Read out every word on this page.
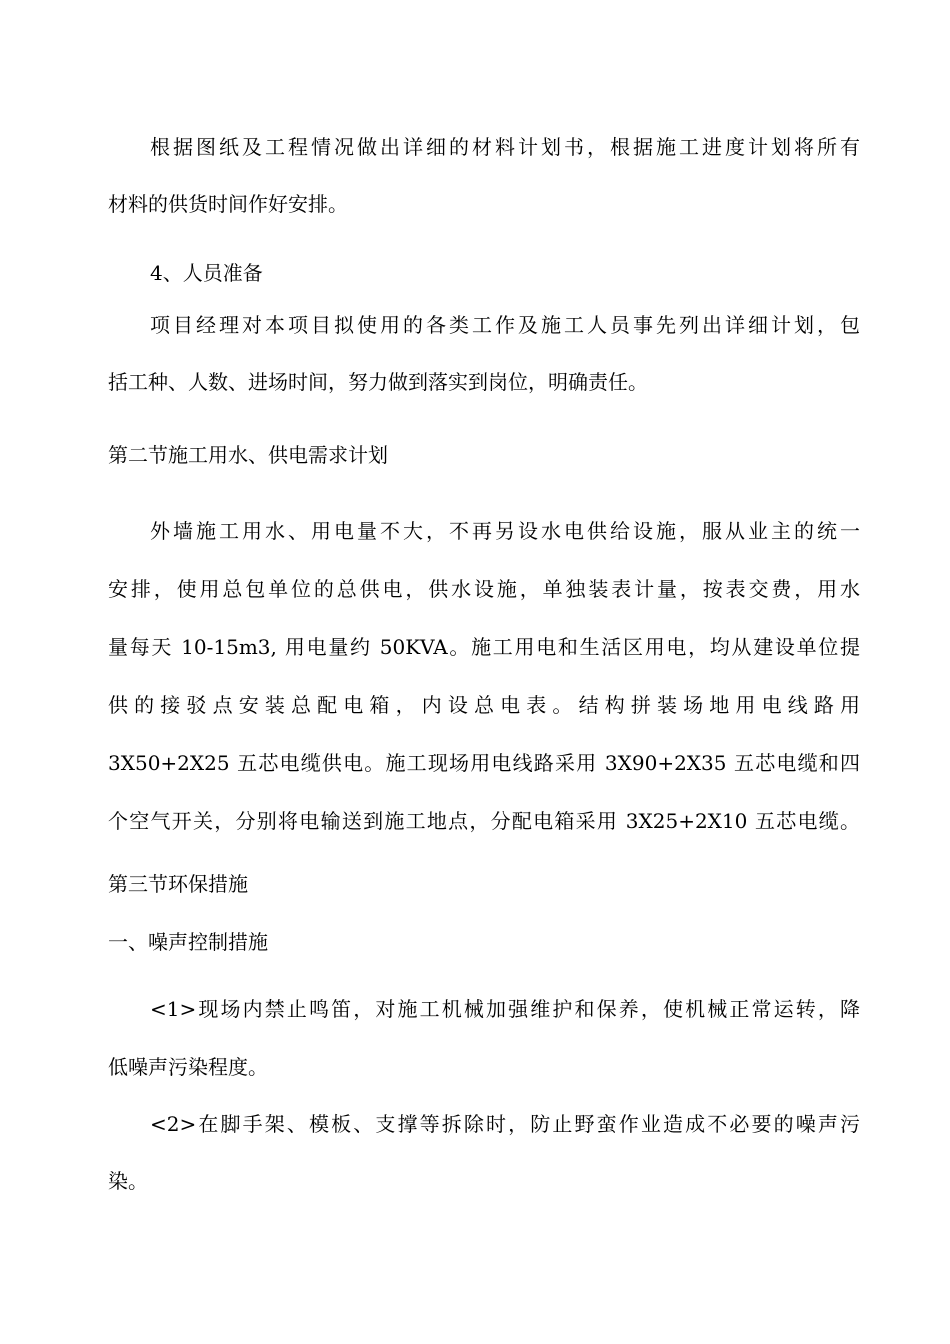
根据图纸及工程情况做出详细的材料计划书，根据施工进度计划将所有
材料的供货时间作好安排。
4、人员准备
项目经理对本项目拟使用的各类工作及施工人员事先列出详细计划，包
括工种、人数、进场时间，努力做到落实到岗位，明确责任。
第二节施工用水、供电需求计划
外墙施工用水、用电量不大，不再另设水电供给设施，服从业主的统一
安排，使用总包单位的总供电，供水设施，单独装表计量，按表交费，用水
量每天 10-15m3, 用电量约 50KVA。施工用电和生活区用电，均从建设单位提
供的接驳点安装总配电箱，内设总电表。结构拼装场地用电线路用
3X50+2X25 五芯电缆供电。施工现场用电线路采用 3X90+2X35 五芯电缆和四
个空气开关，分别将电输送到施工地点，分配电箱采用 3X25+2X10 五芯电缆。
第三节环保措施
一、噪声控制措施
<1>现场内禁止鸣笛，对施工机械加强维护和保养，使机械正常运转，降
低噪声污染程度。
<2>在脚手架、模板、支撑等拆除时，防止野蛮作业造成不必要的噪声污
染。
